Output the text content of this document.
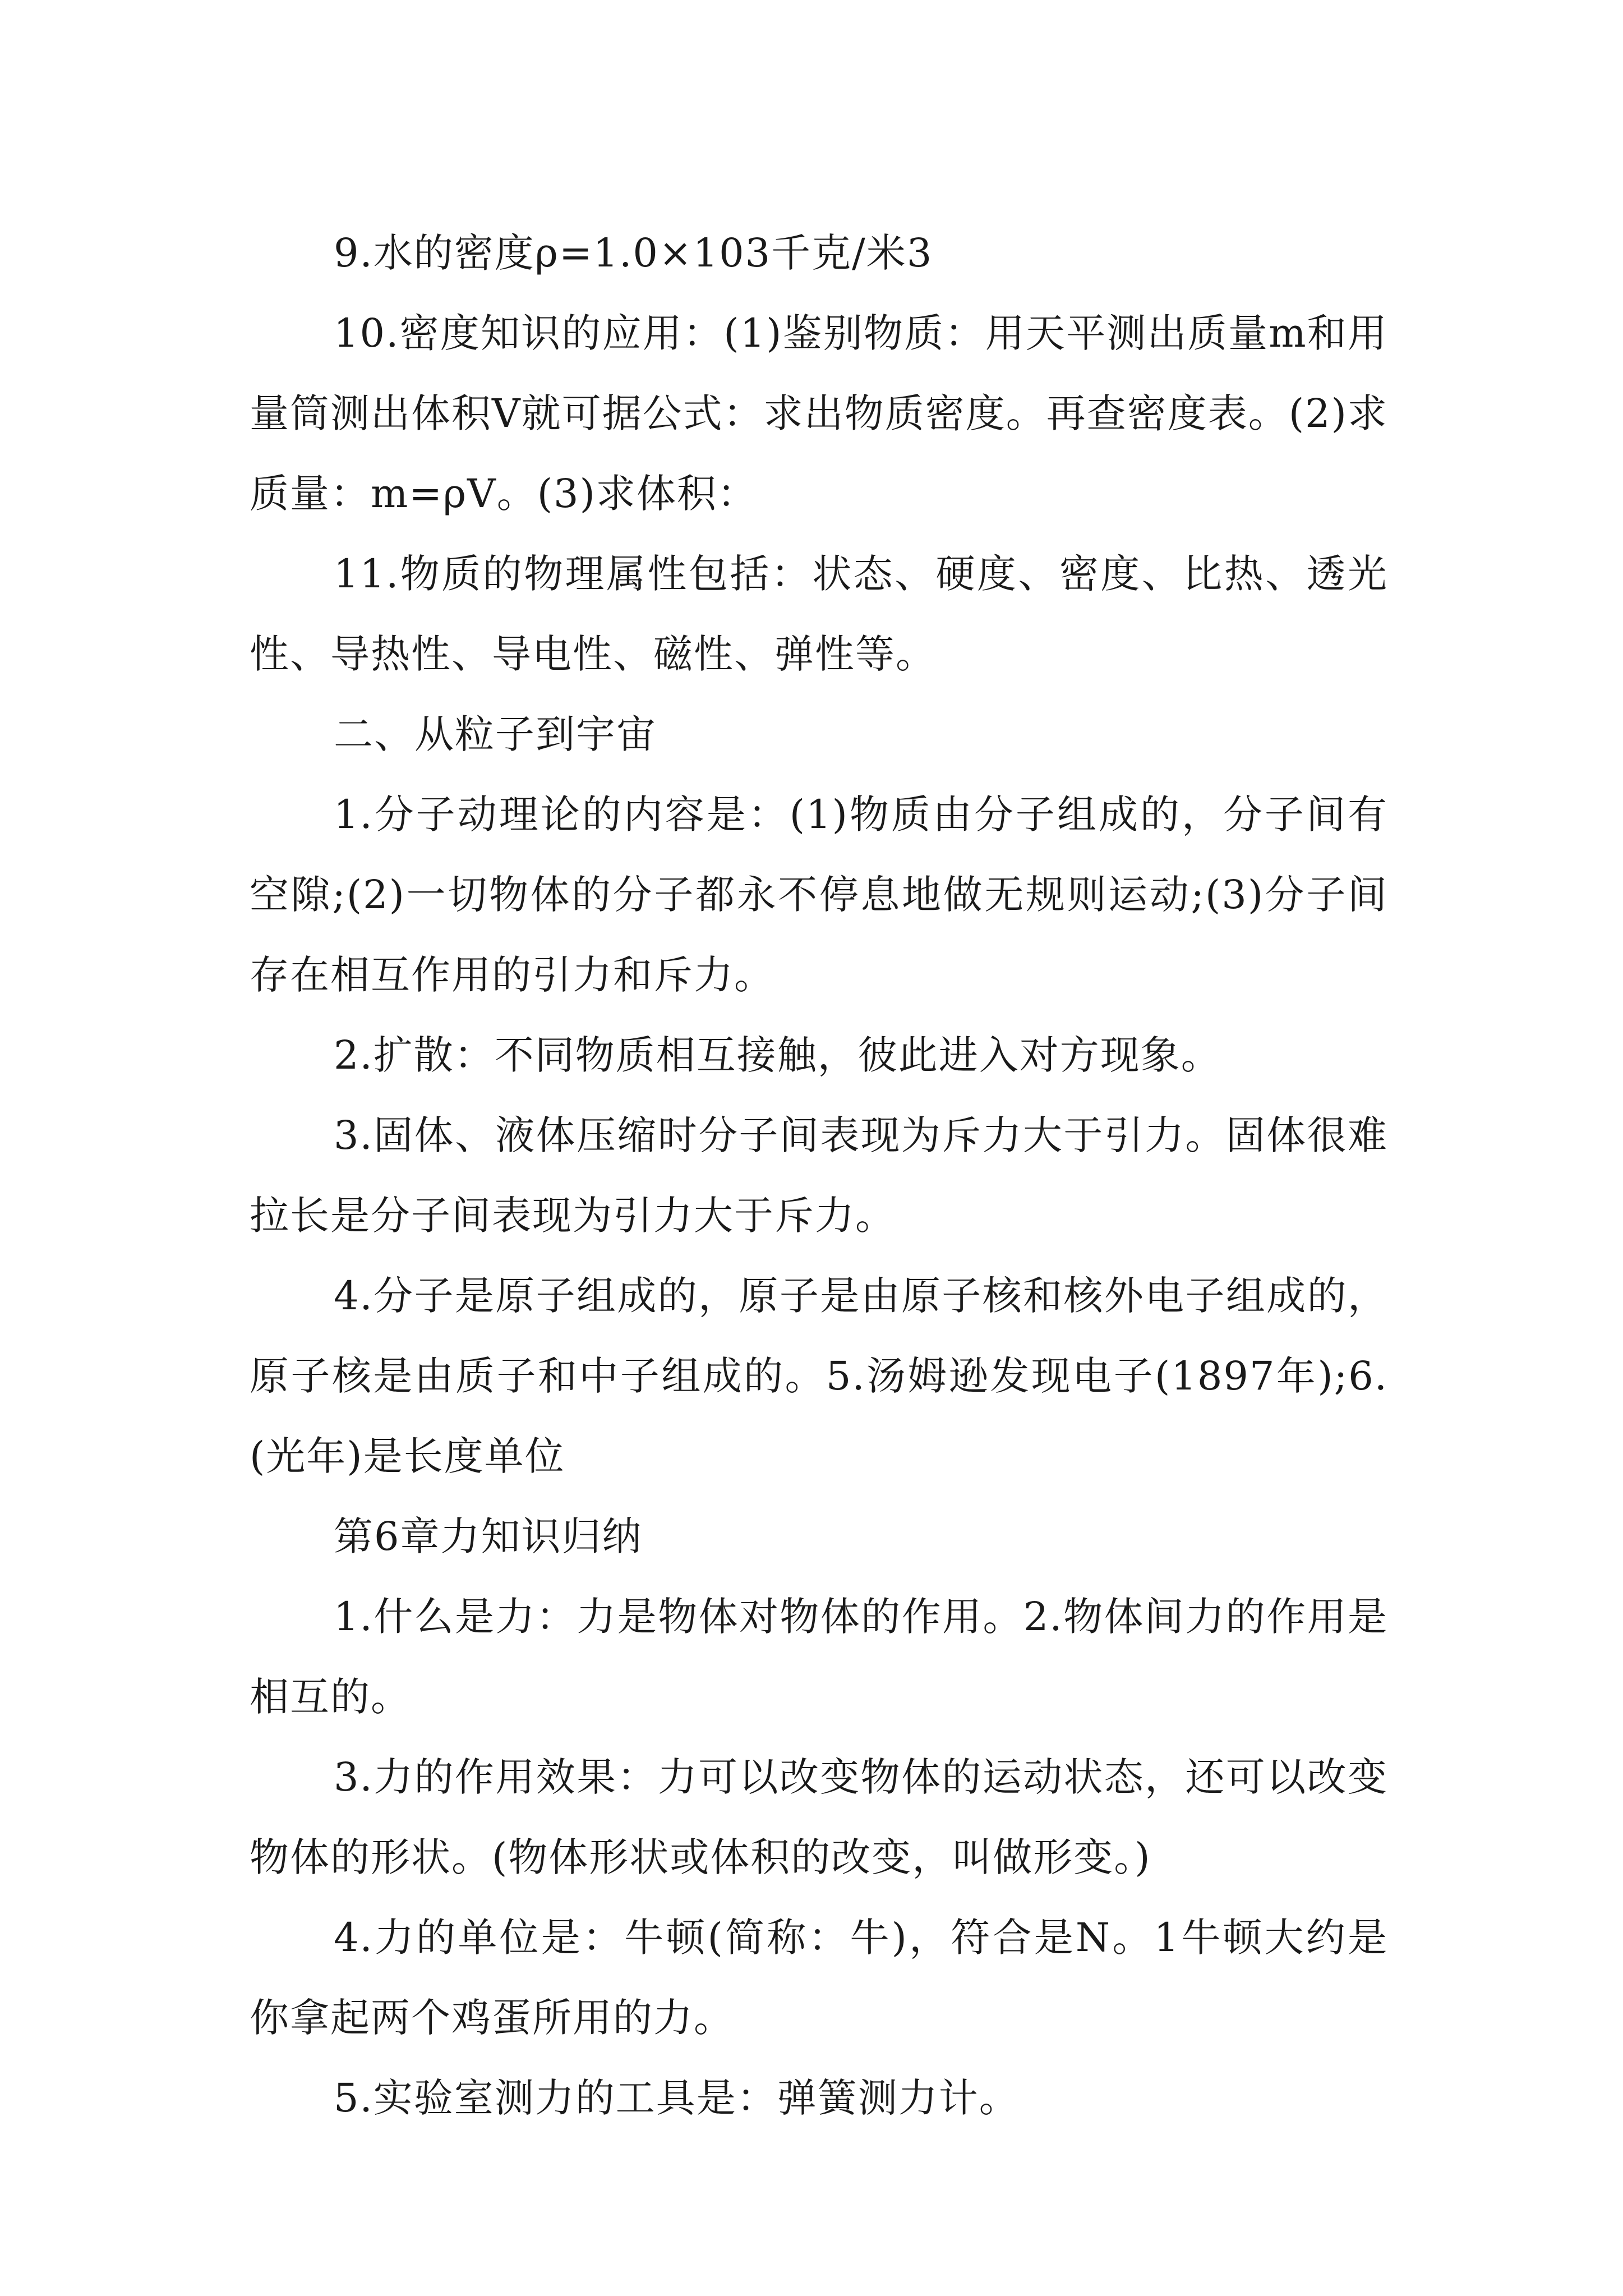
9.水的密度ρ=1.0×103千克/米3

10.密度知识的应用：(1)鉴别物质：用天平测出质量m和用量筒测出体积V就可据公式：求出物质密度。再查密度表。(2)求质量：m=ρV。(3)求体积：

11.物质的物理属性包括：状态、硬度、密度、比热、透光性、导热性、导电性、磁性、弹性等。

二、从粒子到宇宙

1.分子动理论的内容是：(1)物质由分子组成的，分子间有空隙;(2)一切物体的分子都永不停息地做无规则运动;(3)分子间存在相互作用的引力和斥力。

2.扩散：不同物质相互接触，彼此进入对方现象。

3.固体、液体压缩时分子间表现为斥力大于引力。固体很难拉长是分子间表现为引力大于斥力。

4.分子是原子组成的，原子是由原子核和核外电子组成的，原子核是由质子和中子组成的。5.汤姆逊发现电子(1897年);6.(光年)是长度单位

第6章力知识归纳

1.什么是力：力是物体对物体的作用。2.物体间力的作用是相互的。

3.力的作用效果：力可以改变物体的运动状态，还可以改变物体的形状。(物体形状或体积的改变，叫做形变。)

4.力的单位是：牛顿(简称：牛)，符合是N。1牛顿大约是你拿起两个鸡蛋所用的力。

5.实验室测力的工具是：弹簧测力计。
